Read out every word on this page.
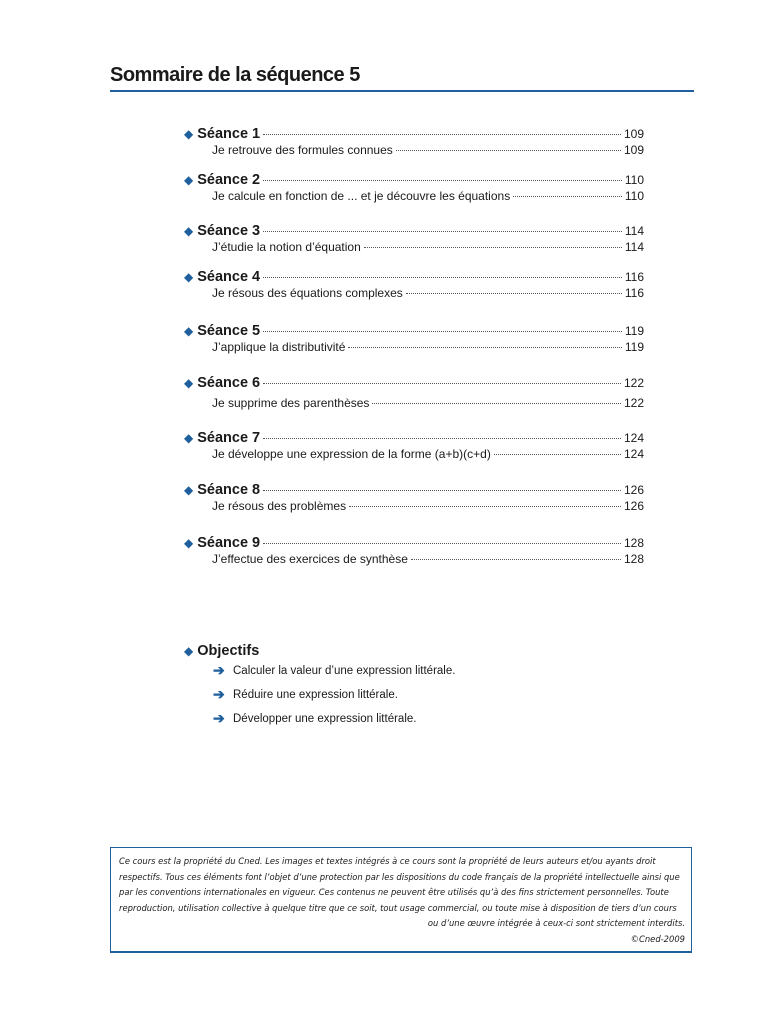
Sommaire de la séquence 5
◆ Séance 1	109
Je retrouve des formules connues	109
◆ Séance 2	110
Je calcule en fonction de ... et je découvre les équations	110
◆ Séance 3	114
J’étudie la notion d’équation	114
◆ Séance 4	116
Je résous des équations complexes	116
◆ Séance 5	119
J’applique la distributivité	119
◆ Séance 6	122
Je supprime des parenthèses	122
◆ Séance 7	124
Je développe une expression de la forme (a+b)(c+d)	124
◆ Séance 8	126
Je résous des problèmes	126
◆ Séance 9	128
J’effectue des exercices de synthèse	128
◆ Objectifs
➔ Calculer la valeur d’une expression littérale.
➔ Réduire une expression littérale.
➔ Développer une expression littérale.
Ce cours est la propriété du Cned. Les images et textes intégrés à ce cours sont la propriété de leurs auteurs et/ou ayants droit
respectifs. Tous ces éléments font l’objet d’une protection par les dispositions du code français de la propriété intellectuelle ainsi que
par les conventions internationales en vigueur. Ces contenus ne peuvent être utilisés qu’à des fins strictement personnelles. Toute
reproduction, utilisation collective à quelque titre que ce soit, tout usage commercial, ou toute mise à disposition de tiers d’un cours
ou d’une œuvre intégrée à ceux-ci sont strictement interdits.
©Cned-2009
